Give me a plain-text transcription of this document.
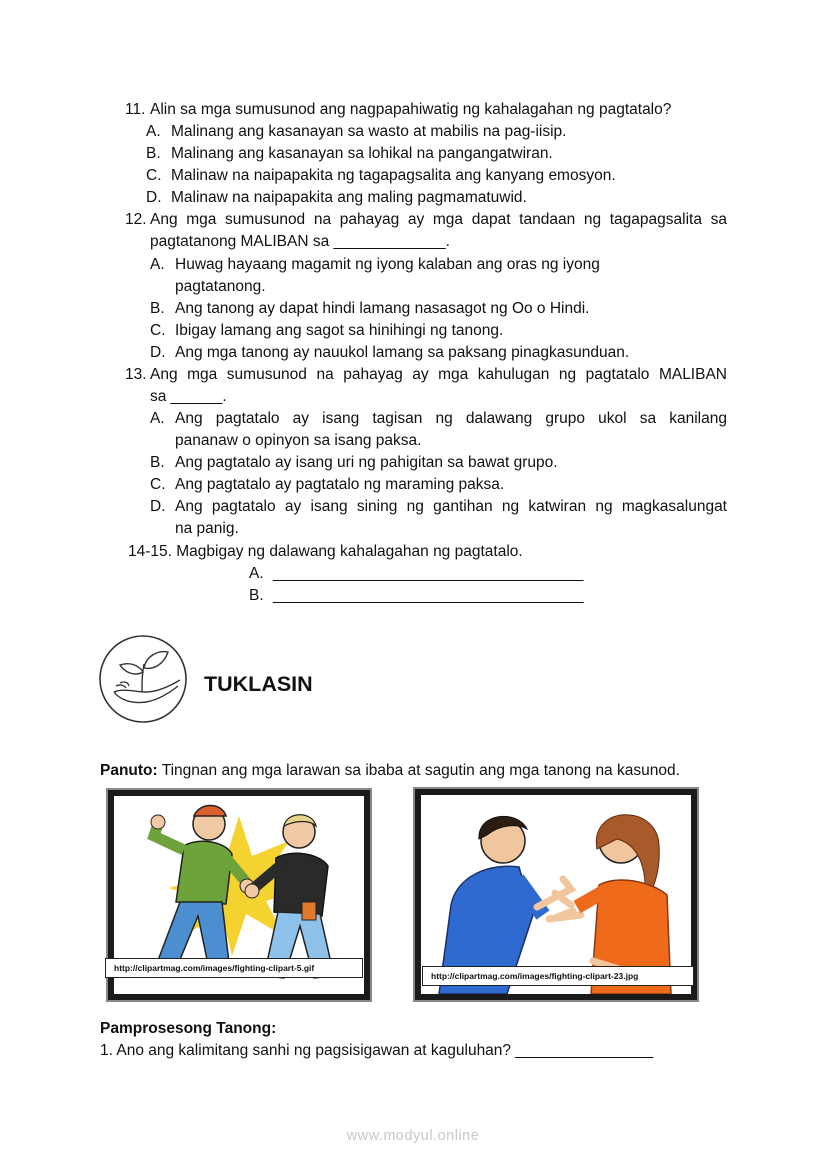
11. Alin sa mga sumusunod ang nagpapahiwatig ng kahalagahan ng pagtatalo?
A. Malinang ang kasanayan sa wasto at mabilis na pag-iisip.
B. Malinang ang kasanayan sa lohikal na pangangatwiran.
C. Malinaw na naipapakita ng tagapagsalita ang kanyang emosyon.
D. Malinaw na naipapakita ang maling pagmamatuwid.
12. Ang mga sumusunod na pahayag ay mga dapat tandaan ng tagapagsalita sa
pagtatanong MALIBAN sa _____________.
A. Huwag hayaang magamit ng iyong kalaban ang oras ng iyong
pagtatanong.
B. Ang tanong ay dapat hindi lamang nasasagot ng Oo o Hindi.
C. Ibigay lamang ang sagot sa hinihingi ng tanong.
D. Ang mga tanong ay nauukol lamang sa paksang pinagkasunduan.
13. Ang mga sumusunod na pahayag ay mga kahulugan ng pagtatalo MALIBAN
sa ______.
A. Ang pagtatalo ay isang tagisan ng dalawang grupo ukol sa kanilang
pananaw o opinyon sa isang paksa.
B. Ang pagtatalo ay isang uri ng pahigitan sa bawat grupo.
C. Ang pagtatalo ay pagtatalo ng maraming paksa.
D. Ang pagtatalo ay isang sining ng gantihan ng katwiran ng magkasalungat
na panig.
14-15. Magbigay ng dalawang kahalagahan ng pagtatalo.
A. ____________________________________
B. ____________________________________
TUKLASIN
Panuto: Tingnan ang mga larawan sa ibaba at sagutin ang mga tanong na kasunod.
http://clipartmag.com/images/fighting-clipart-5.gif
http://clipartmag.com/images/fighting-clipart-23.jpg
Pamprosesong Tanong:
1. Ano ang kalimitang sanhi ng pagsisigawan at kaguluhan? ________________
www.modyul.online
